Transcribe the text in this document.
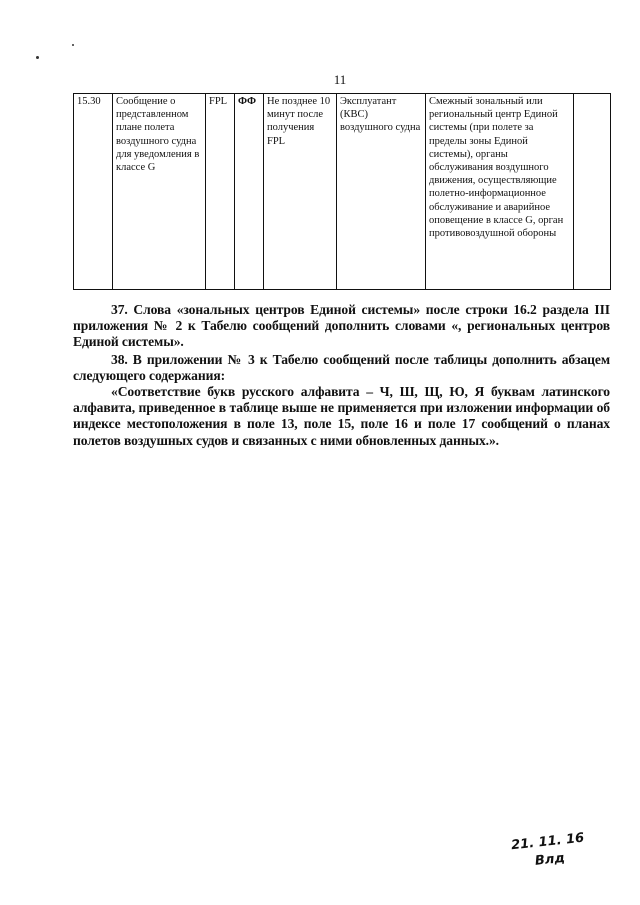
11
15.30	Сообщение о представленном плане полета воздушного судна для уведомления в классе G	FPL	ФФ	Не позднее 10 минут после получения FPL	Эксплуатант (КВС) воздушного судна	Смежный зональный или региональный центр Единой системы (при полете за пределы зоны Единой системы), органы обслуживания воздушного движения, осуществляющие полетно-информационное обслуживание и аварийное оповещение в классе G, орган противовоздушной обороны	
37. Слова «зональных центров Единой системы» после строки 16.2 раздела III приложения № 2 к Табелю сообщений дополнить словами «, региональных центров Единой системы».
38. В приложении № 3 к Табелю сообщений после таблицы дополнить абзацем следующего содержания:
«Соответствие букв русского алфавита – Ч, Ш, Щ, Ю, Я буквам латинского алфавита, приведенное в таблице выше не применяется при изложении информации об индексе местоположения в поле 13, поле 15, поле 16 и поле 17 сообщений о планах полетов воздушных судов и связанных с ними обновленных данных.».
21. 11. 16
Влд
